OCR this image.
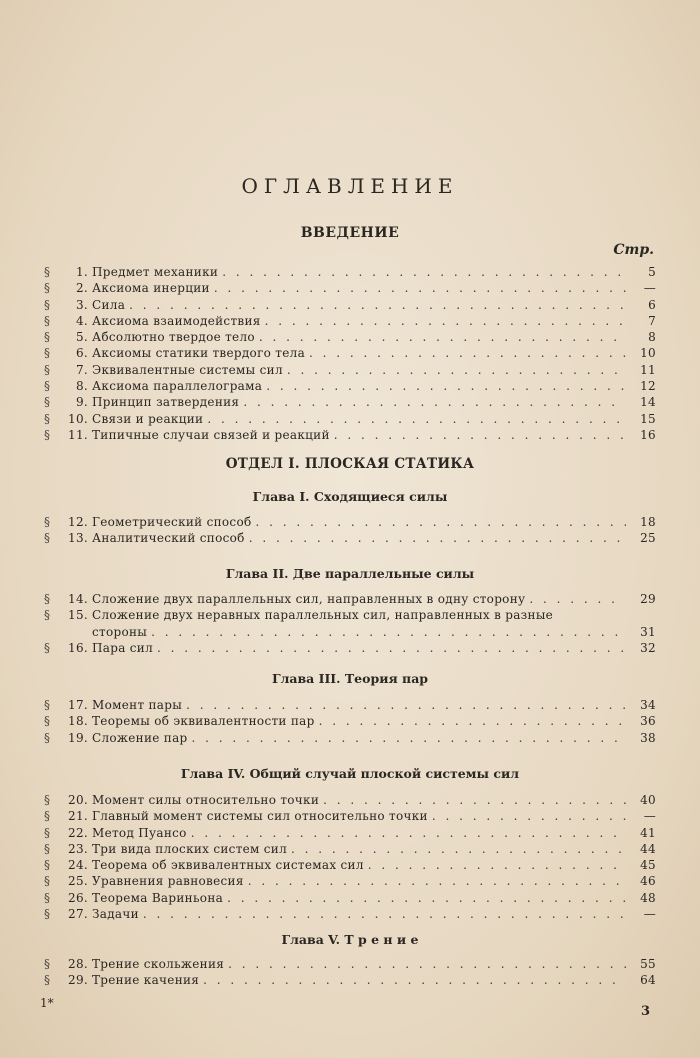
ОГЛАВЛЕНИЕ
ВВЕДЕНИЕ
Стр.
§	1. Предмет механики . . .	5
§	2. Аксиома инерции . . .	—
§	3. Сила . . .	6
§	4. Аксиома взаимодействия . . .	7
§	5. Абсолютно твердое тело . . .	8
§	6. Аксиомы статики твердого тела . . .	10
§	7. Эквивалентные системы сил . . .	11
§	8. Аксиома параллелограма . . .	12
§	9. Принцип затвердения . . .	14
§	10. Связи и реакции . . .	15
§	11. Типичные случаи связей и реакций . . .	16
ОТДЕЛ I. ПЛОСКАЯ СТАТИКА
Глава I. Сходящиеся силы
§	12. Геометрический способ . . .	18
§	13. Аналитический способ . . .	25
Глава II. Две параллельные силы
§	14. Сложение двух параллельных сил, направленных в одну сторону . . .	29
§	15. Сложение двух неравных параллельных сил, направленных в разные
стороны . . .	31
§	16. Пара сил . . .	32
Глава III. Теория пар
§	17. Момент пары . . .	34
§	18. Теоремы об эквивалентности пар . . .	36
§	19. Сложение пар . . .	38
Глава IV. Общий случай плоской системы сил
§	20. Момент силы относительно точки . . .	40
§	21. Главный момент системы сил относительно точки . . .	—
§	22. Метод Пуансо . . .	41
§	23. Три вида плоских систем сил . . .	44
§	24. Теорема об эквивалентных системах сил . . .	45
§	25. Уравнения равновесия . . .	46
§	26. Теорема Вариньона . . .	48
§	27. Задачи . . .	—
Глава V. Т р е н и е
§	28. Трение скольжения . . .	55
§	29. Трение качения . . .	64
1*
3
